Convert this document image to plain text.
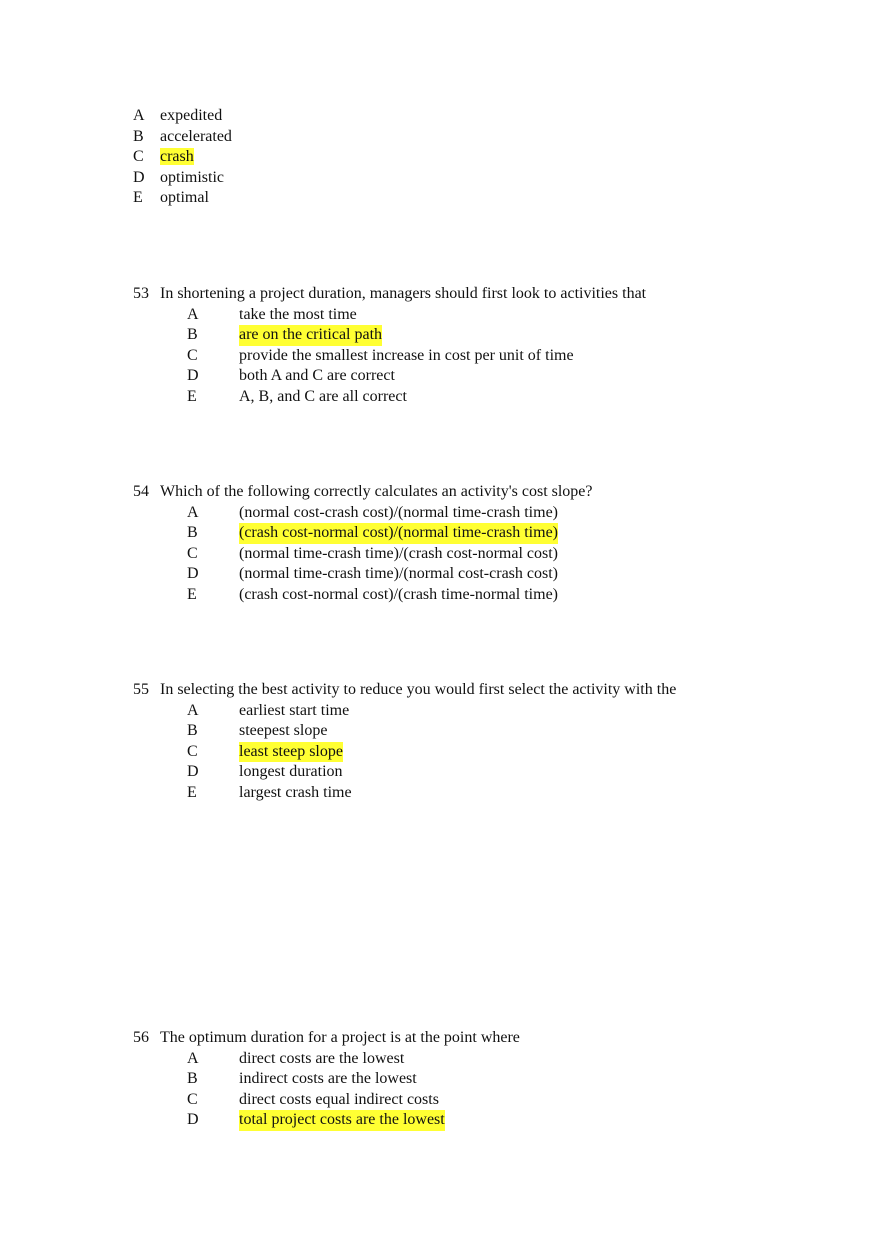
A expedited
B accelerated
C crash
D optimistic
E optimal
53 In shortening a project duration, managers should first look to activities that
A	take the most time
B	are on the critical path
C	provide the smallest increase in cost per unit of time
D	both A and C are correct
E	A, B, and C are all correct
54 Which of the following correctly calculates an activity's cost slope?
A	(normal cost-crash cost)/(normal time-crash time)
B	(crash cost-normal cost)/(normal time-crash time)
C	(normal time-crash time)/(crash cost-normal cost)
D	(normal time-crash time)/(normal cost-crash cost)
E	(crash cost-normal cost)/(crash time-normal time)
55 In selecting the best activity to reduce you would first select the activity with the
A	earliest start time
B	steepest slope
C	least steep slope
D	longest duration
E	largest crash time
56 The optimum duration for a project is at the point where
A	direct costs are the lowest
B	indirect costs are the lowest
C	direct costs equal indirect costs
D	total project costs are the lowest
